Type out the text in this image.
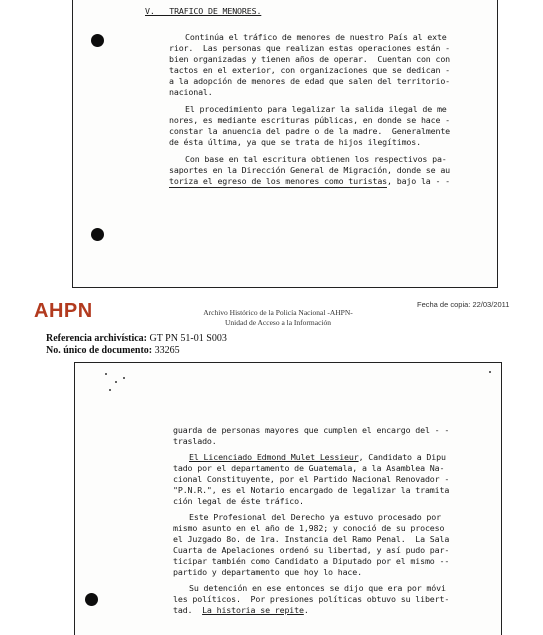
V.   TRAFICO DE MENORES.
Continúa el tráfico de menores de nuestro País al exte
rior.  Las personas que realizan estas operaciones están -
bien organizadas y tienen años de operar.  Cuentan con con
tactos en el exterior, con organizaciones que se dedican -
a la adopción de menores de edad que salen del territorio-
nacional.
El procedimiento para legalizar la salida ilegal de me
nores, es mediante escrituras públicas, en donde se hace -
constar la anuencia del padre o de la madre.  Generalmente
de ésta última, ya que se trata de hijos ilegítimos.
Con base en tal escritura obtienen los respectivos pa-
saportes en la Dirección General de Migración, donde se au
toriza el egreso de los menores como turistas, bajo la - -
AHPN	Archivo Histórico de la Policía Nacional -AHPN-
Unidad de Acceso a la Información
Fecha de copia: 22/03/2011
Referencia archivística: GT PN 51-01 S003
No. único de documento: 33265
guarda de personas mayores que cumplen el encargo del - -
traslado.
El Licenciado Edmond Mulet Lessieur, Candidato a Dipu
tado por el departamento de Guatemala, a la Asamblea Na-
cional Constituyente, por el Partido Nacional Renovador -
"P.N.R.", es el Notario encargado de legalizar la tramita
ción legal de éste tráfico.
Este Profesional del Derecho ya estuvo procesado por
mismo asunto en el año de 1,982; y conoció de su proceso
el Juzgado 8o. de 1ra. Instancia del Ramo Penal.  La Sala
Cuarta de Apelaciones ordenó su libertad, y así pudo par-
ticipar también como Candidato a Diputado por el mismo --
partido y departamento que hoy lo hace.
Su detención en ese entonces se dijo que era por móvi
les políticos.  Por presiones políticas obtuvo su libert-
tad.  La historia se repite.
